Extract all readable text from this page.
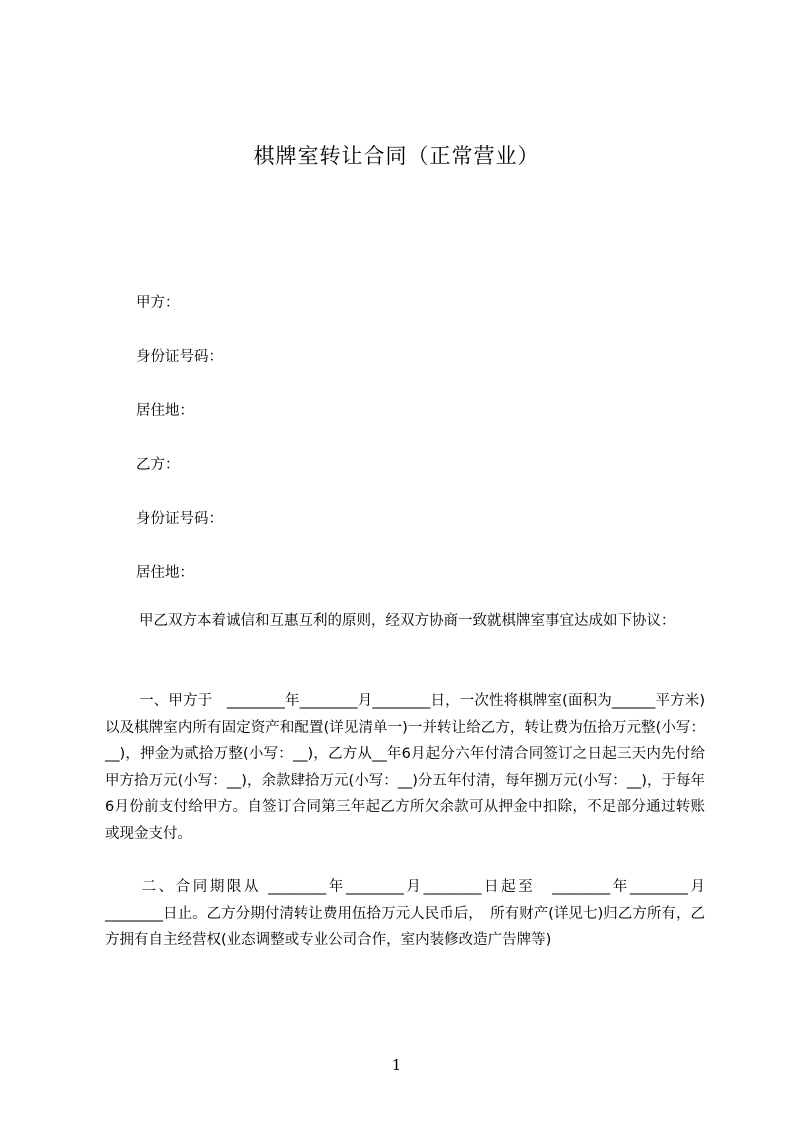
棋牌室转让合同（正常营业）
甲方：
身份证号码：
居住地：
乙方：
身份证号码：
居住地：

甲乙双方本着诚信和互惠互利的原则，经双方协商一致就棋牌室事宜达成如下协议：

一、甲方于　________年________月________日，一次性将棋牌室(面积为______平方米)以及棋牌室内所有固定资产和配置(详见清单一)一并转让给乙方，转让费为伍拾万元整(小写：__)，押金为贰拾万整(小写：__)，乙方从__年6月起分六年付清合同签订之日起三天内先付给甲方拾万元(小写：__)，余款肆拾万元(小写：__)分五年付清，每年捌万元(小写：__)，于每年6月份前支付给甲方。自签订合同第三年起乙方所欠余款可从押金中扣除，不足部分通过转账或现金支付。

二、合同期限从 ________年________月________日起至　________年________月________日止。乙方分期付清转让费用伍拾万元人民币后，　所有财产(详见七)归乙方所有，乙方拥有自主经营权(业态调整或专业公司合作，室内装修改造广告牌等)

1
